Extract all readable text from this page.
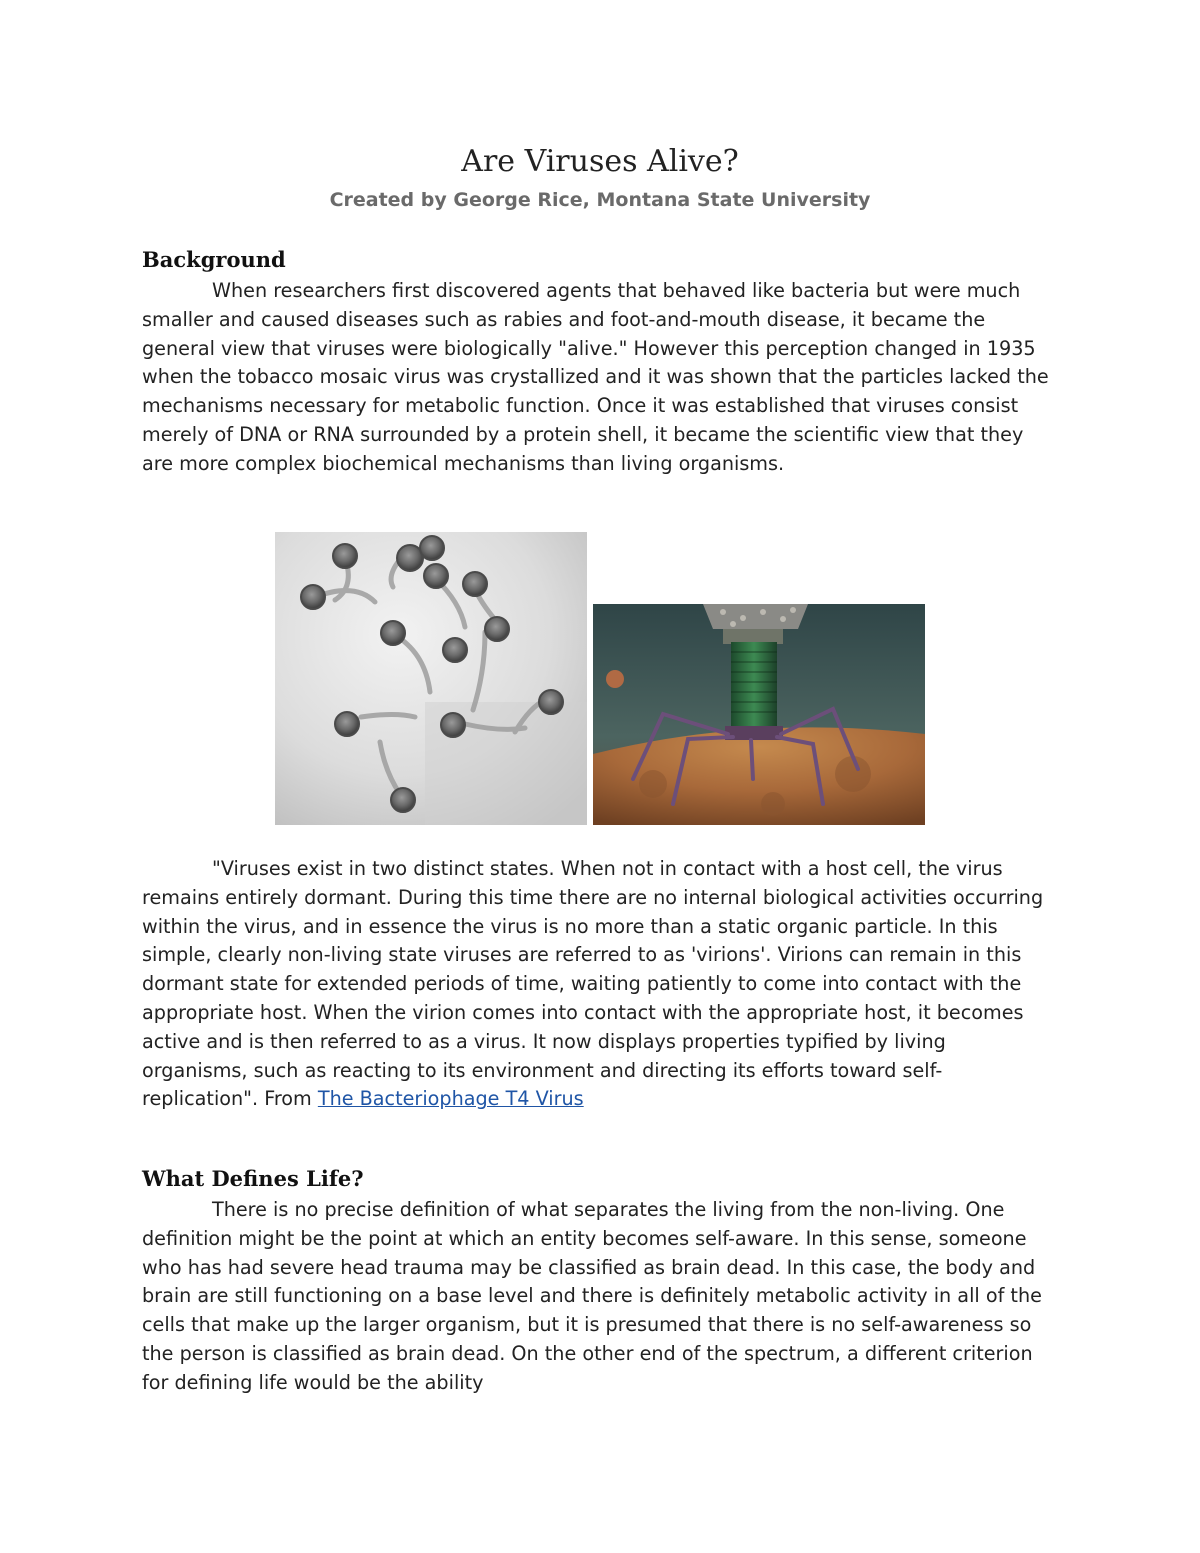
Are Viruses Alive?
Created by George Rice, Montana State University
Background

When researchers first discovered agents that behaved like bacteria but were much smaller and caused diseases such as rabies and foot-and-mouth disease, it became the general view that viruses were biologically "alive." However this perception changed in 1935 when the tobacco mosaic virus was crystallized and it was shown that the particles lacked the mechanisms necessary for metabolic function. Once it was established that viruses consist merely of DNA or RNA surrounded by a protein shell, it became the scientific view that they are more complex biochemical mechanisms than living organisms.

"Viruses exist in two distinct states. When not in contact with a host cell, the virus remains entirely dormant. During this time there are no internal biological activities occurring within the virus, and in essence the virus is no more than a static organic particle. In this simple, clearly non-living state viruses are referred to as 'virions'. Virions can remain in this dormant state for extended periods of time, waiting patiently to come into contact with the appropriate host. When the virion comes into contact with the appropriate host, it becomes active and is then referred to as a virus. It now displays properties typified by living organisms, such as reacting to its environment and directing its efforts toward self-replication". From The Bacteriophage T4 Virus

What Defines Life?

There is no precise definition of what separates the living from the non-living. One definition might be the point at which an entity becomes self-aware. In this sense, someone who has had severe head trauma may be classified as brain dead. In this case, the body and brain are still functioning on a base level and there is definitely metabolic activity in all of the cells that make up the larger organism, but it is presumed that there is no self-awareness so the person is classified as brain dead. On the other end of the spectrum, a different criterion for defining life would be the ability
